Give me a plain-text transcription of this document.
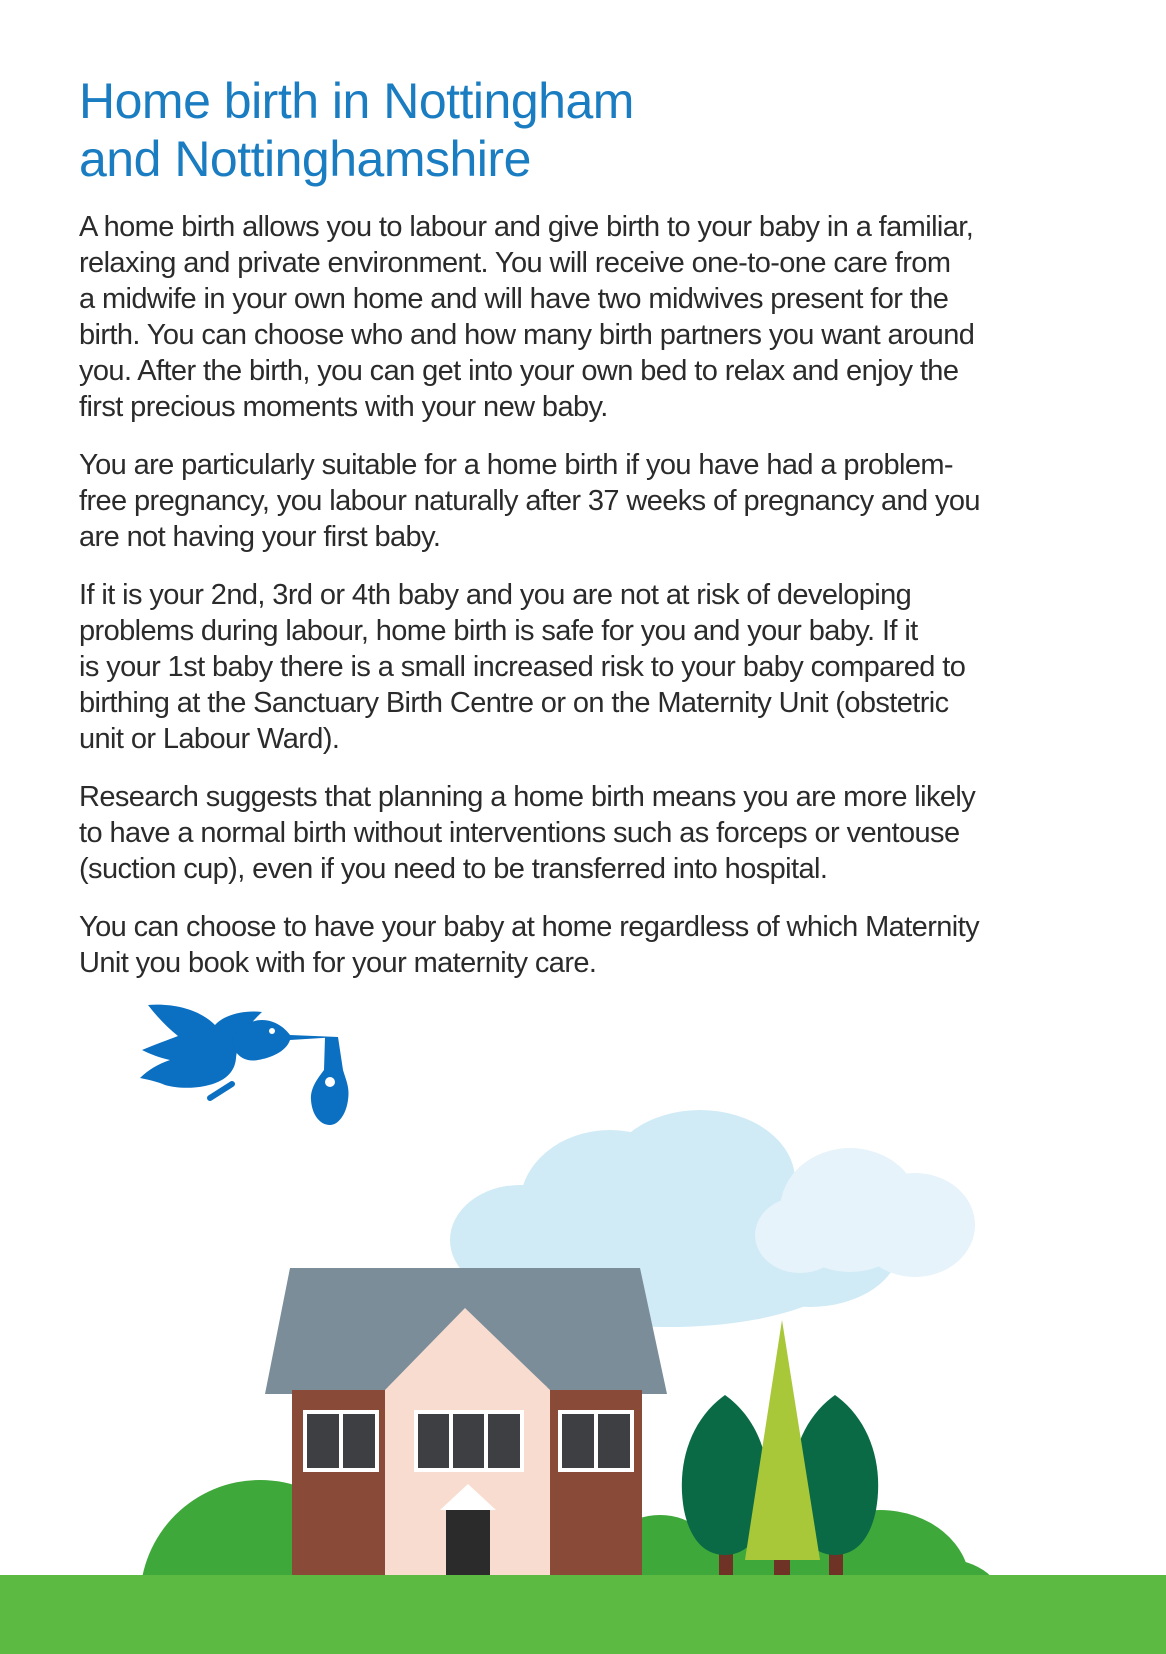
Home birth in Nottingham
and Nottinghamshire

A home birth allows you to labour and give birth to your baby in a familiar,
relaxing and private environment. You will receive one-to-one care from
a midwife in your own home and will have two midwives present for the
birth. You can choose who and how many birth partners you want around
you. After the birth, you can get into your own bed to relax and enjoy the
first precious moments with your new baby.

You are particularly suitable for a home birth if you have had a problem-
free pregnancy, you labour naturally after 37 weeks of pregnancy and you
are not having your first baby.

If it is your 2nd, 3rd or 4th baby and you are not at risk of developing
problems during labour, home birth is safe for you and your baby. If it
is your 1st baby there is a small increased risk to your baby compared to
birthing at the Sanctuary Birth Centre or on the Maternity Unit (obstetric
unit or Labour Ward).

Research suggests that planning a home birth means you are more likely
to have a normal birth without interventions such as forceps or ventouse
(suction cup), even if you need to be transferred into hospital.

You can choose to have your baby at home regardless of which Maternity
Unit you book with for your maternity care.
